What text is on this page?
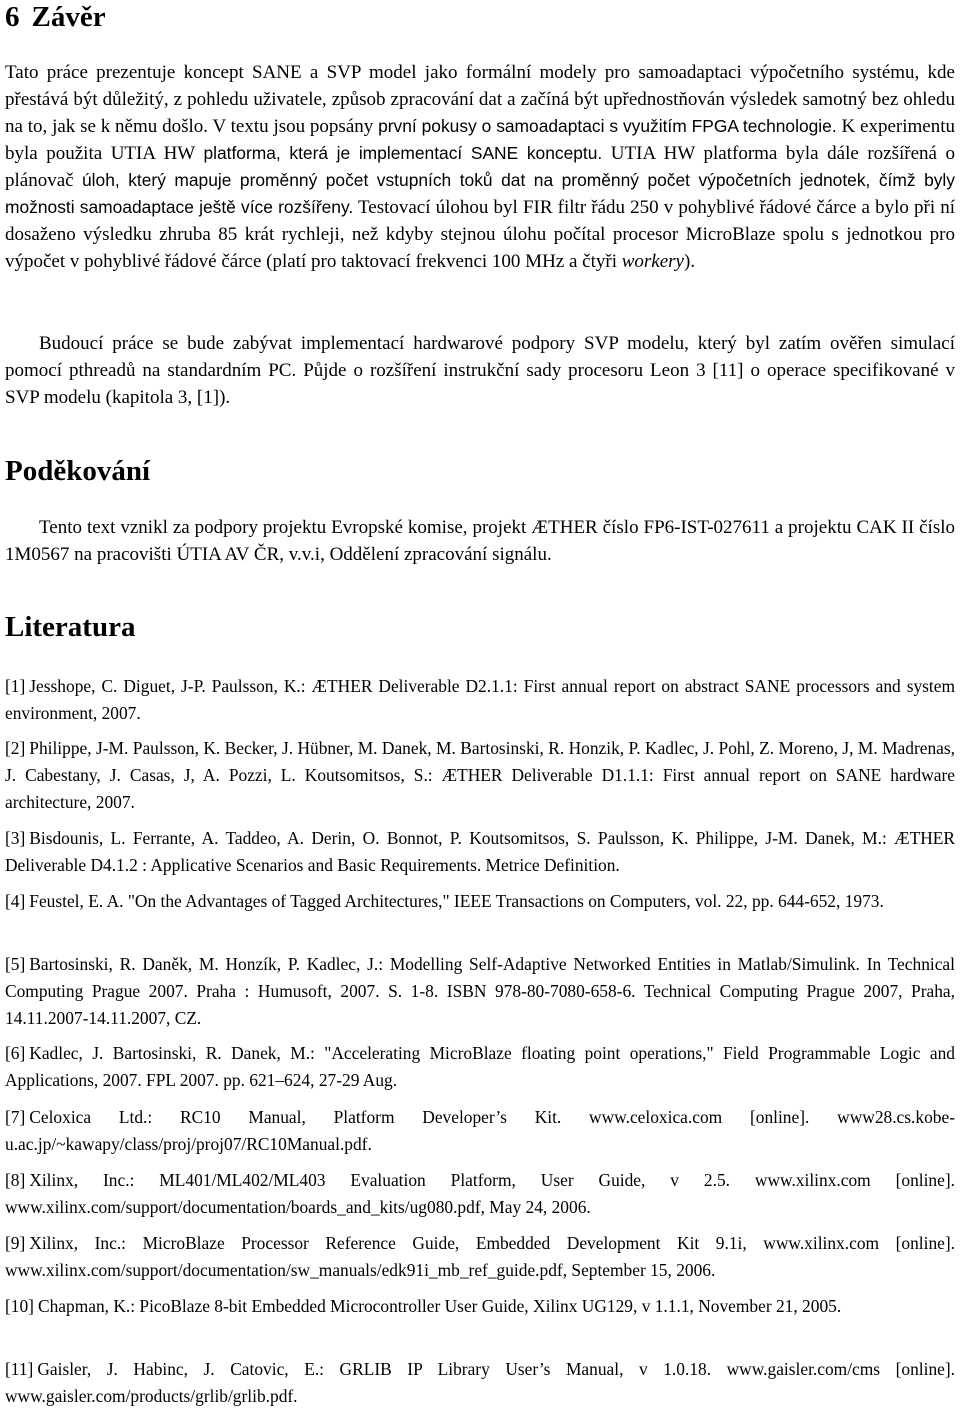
6 Závěr

Tato práce prezentuje koncept SANE a SVP model jako formální modely pro samoadaptaci výpočetního systému, kde přestává být důležitý, z pohledu uživatele, způsob zpracování dat a začíná být upřednostňován výsledek samotný bez ohledu na to, jak se k němu došlo. V textu jsou popsány první pokusy o samoadaptaci s využitím FPGA technologie. K experimentu byla použita UTIA HW platforma, která je implementací SANE konceptu. UTIA HW platforma byla dále rozšířená o plánovač úloh, který mapuje proměnný počet vstupních toků dat na proměnný počet výpočetních jednotek, čímž byly možnosti samoadaptace ještě více rozšířeny. Testovací úlohou byl FIR filtr řádu 250 v pohyblivé řádové čárce a bylo při ní dosaženo výsledku zhruba 85 krát rychleji, než kdyby stejnou úlohu počítal procesor MicroBlaze spolu s jednotkou pro výpočet v pohyblivé řádové čárce (platí pro taktovací frekvenci 100 MHz a čtyři workery).

Budoucí práce se bude zabývat implementací hardwarové podpory SVP modelu, který byl zatím ověřen simulací pomocí pthreadů na standardním PC. Půjde o rozšíření instrukční sady procesoru Leon 3 [11] o operace specifikované v SVP modelu (kapitola 3, [1]).

Poděkování

Tento text vznikl za podpory projektu Evropské komise, projekt ÆTHER číslo FP6-IST-027611 a projektu CAK II číslo 1M0567 na pracovišti ÚTIA AV ČR, v.v.i, Oddělení zpracování signálu.

Literatura

[1] Jesshope, C. Diguet, J-P. Paulsson, K.: ÆTHER Deliverable D2.1.1: First annual report on abstract SANE processors and system environment, 2007.

[2] Philippe, J-M. Paulsson, K. Becker, J. Hübner, M. Danek, M. Bartosinski, R. Honzik, P. Kadlec, J. Pohl, Z. Moreno, J, M. Madrenas, J. Cabestany, J. Casas, J, A. Pozzi, L. Koutsomitsos, S.: ÆTHER Deliverable D1.1.1: First annual report on SANE hardware architecture, 2007.

[3] Bisdounis, L. Ferrante, A. Taddeo, A. Derin, O. Bonnot, P. Koutsomitsos, S. Paulsson, K. Philippe, J-M. Danek, M.: ÆTHER Deliverable D4.1.2 : Applicative Scenarios and Basic Requirements. Metrice Definition.

[4] Feustel, E. A. "On the Advantages of Tagged Architectures," IEEE Transactions on Computers, vol. 22, pp. 644-652, 1973.

[5] Bartosinski, R. Daněk, M. Honzík, P. Kadlec, J.: Modelling Self-Adaptive Networked Entities in Matlab/Simulink. In Technical Computing Prague 2007. Praha : Humusoft, 2007. S. 1-8. ISBN 978-80-7080-658-6. Technical Computing Prague 2007, Praha, 14.11.2007-14.11.2007, CZ.

[6] Kadlec, J. Bartosinski, R. Danek, M.: "Accelerating MicroBlaze floating point operations," Field Programmable Logic and Applications, 2007. FPL 2007. pp. 621–624, 27-29 Aug.

[7] Celoxica Ltd.: RC10 Manual, Platform Developer’s Kit. www.celoxica.com [online]. www28.cs.kobe-u.ac.jp/~kawapy/class/proj/proj07/RC10Manual.pdf.

[8] Xilinx, Inc.: ML401/ML402/ML403 Evaluation Platform, User Guide, v 2.5. www.xilinx.com [online]. www.xilinx.com/support/documentation/boards_and_kits/ug080.pdf, May 24, 2006.

[9] Xilinx, Inc.: MicroBlaze Processor Reference Guide, Embedded Development Kit 9.1i, www.xilinx.com [online]. www.xilinx.com/support/documentation/sw_manuals/edk91i_mb_ref_guide.pdf, September 15, 2006.

[10] Chapman, K.: PicoBlaze 8-bit Embedded Microcontroller User Guide, Xilinx UG129, v 1.1.1, November 21, 2005.

[11] Gaisler, J. Habinc, J. Catovic, E.: GRLIB IP Library User’s Manual, v 1.0.18. www.gaisler.com/cms [online]. www.gaisler.com/products/grlib/grlib.pdf.
